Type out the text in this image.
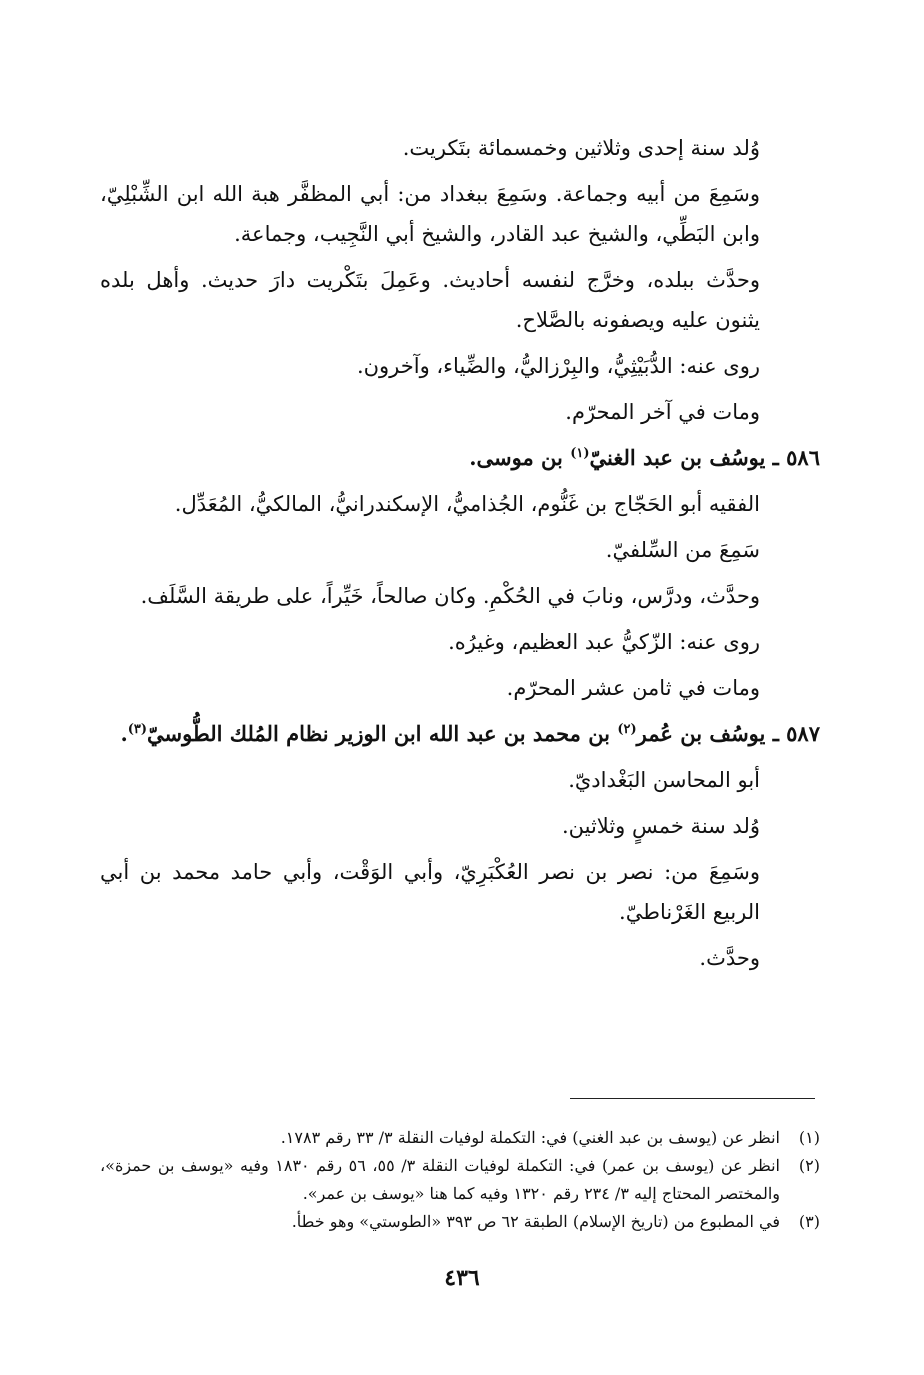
وُلد سنة إحدى وثلاثين وخمسمائة بتَكريت.

وسَمِعَ من أبيه وجماعة. وسَمِعَ ببغداد من: أبي المظفَّر هبة الله ابن الشِّبْلِيّ، وابن البَطِّي، والشيخ عبد القادر، والشيخ أبي النَّجِيب، وجماعة.

وحدَّث ببلده، وخرَّج لنفسه أحاديث. وعَمِلَ بتَكْريت دارَ حديث. وأهل بلده يثنون عليه ويصفونه بالصَّلاح.

روى عنه: الدُّبَيْثِيُّ، والبِرْزاليُّ، والضِّياء، وآخرون.

ومات في آخر المحرّم.

٥٨٦ ـ يوسُف بن عبد الغنيّ$^{(١)}$ بن موسى.

الفقيه أبو الحَجّاج بن غَنُّوم، الجُذاميُّ، الإسكندرانيُّ، المالكيُّ، المُعَدِّل.

سَمِعَ من السِّلفيّ.

وحدَّث، ودرَّس، ونابَ في الحُكْمِ. وكان صالحاً، خَيِّراً، على طريقة السَّلَف.

روى عنه: الزّكيُّ عبد العظيم، وغيرُه.

ومات في ثامن عشر المحرّم.

٥٨٧ ـ يوسُف بن عُمر$^{(٢)}$ بن محمد بن عبد الله ابن الوزير نظام المُلك الطُّوسيّ$^{(٣)}$.

أبو المحاسن البَغْداديّ.

وُلد سنة خمسٍ وثلاثين.

وسَمِعَ من: نصر بن نصر العُكْبَرِيّ، وأبي الوَقْت، وأبي حامد محمد بن أبي الربيع الغَرْناطيّ.

وحدَّث.

(١)
انظر عن (يوسف بن عبد الغني) في: التكملة لوفيات النقلة ٣/ ٣٣ رقم ١٧٨٣.
(٢)
انظر عن (يوسف بن عمر) في: التكملة لوفيات النقلة ٣/ ٥٥، ٥٦ رقم ١٨٣٠ وفيه «يوسف بن حمزة»، والمختصر المحتاج إليه ٣/ ٢٣٤ رقم ١٣٢٠ وفيه كما هنا «يوسف بن عمر».
(٣)
في المطبوع من (تاريخ الإسلام) الطبقة ٦٢ ص ٣٩٣ «الطوستي» وهو خطأ.
٤٣٦
